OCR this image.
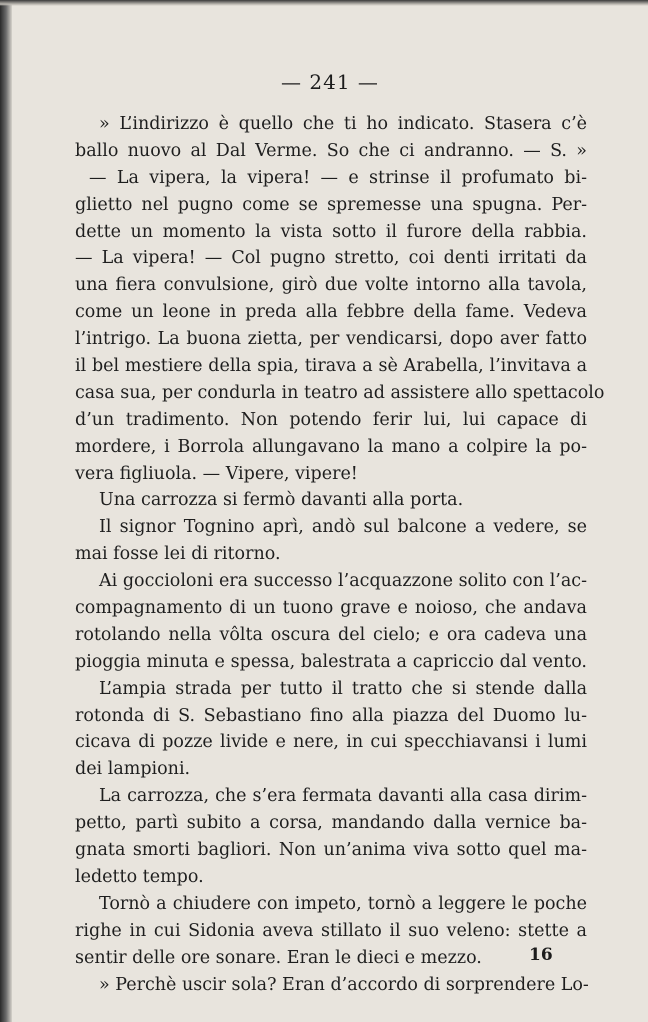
— 241 —
» L’indirizzo è quello che ti ho indicato. Stasera c’è
ballo nuovo al Dal Verme. So che ci andranno. — S. »
— La vipera, la vipera! — e strinse il profumato bi-
glietto nel pugno come se spremesse una spugna. Per-
dette un momento la vista sotto il furore della rabbia.
— La vipera! — Col pugno stretto, coi denti irritati da
una fiera convulsione, girò due volte intorno alla tavola,
come un leone in preda alla febbre della fame. Vedeva
l’intrigo. La buona zietta, per vendicarsi, dopo aver fatto
il bel mestiere della spia, tirava a sè Arabella, l’invitava a
casa sua, per condurla in teatro ad assistere allo spettacolo
d’un tradimento. Non potendo ferir lui, lui capace di
mordere, i Borrola allungavano la mano a colpire la po-
vera figliuola. — Vipere, vipere!
Una carrozza si fermò davanti alla porta.
Il signor Tognino aprì, andò sul balcone a vedere, se
mai fosse lei di ritorno.
Ai goccioloni era successo l’acquazzone solito con l’ac-
compagnamento di un tuono grave e noioso, che andava
rotolando nella vôlta oscura del cielo; e ora cadeva una
pioggia minuta e spessa, balestrata a capriccio dal vento.
L’ampia strada per tutto il tratto che si stende dalla
rotonda di S. Sebastiano fino alla piazza del Duomo lu-
cicava di pozze livide e nere, in cui specchiavansi i lumi
dei lampioni.
La carrozza, che s’era fermata davanti alla casa dirim-
petto, partì subito a corsa, mandando dalla vernice ba-
gnata smorti bagliori. Non un’anima viva sotto quel ma-
ledetto tempo.
Tornò a chiudere con impeto, tornò a leggere le poche
righe in cui Sidonia aveva stillato il suo veleno: stette a
sentir delle ore sonare. Eran le dieci e mezzo.
» Perchè uscir sola? Eran d’accordo di sorprendere Lo-
16
